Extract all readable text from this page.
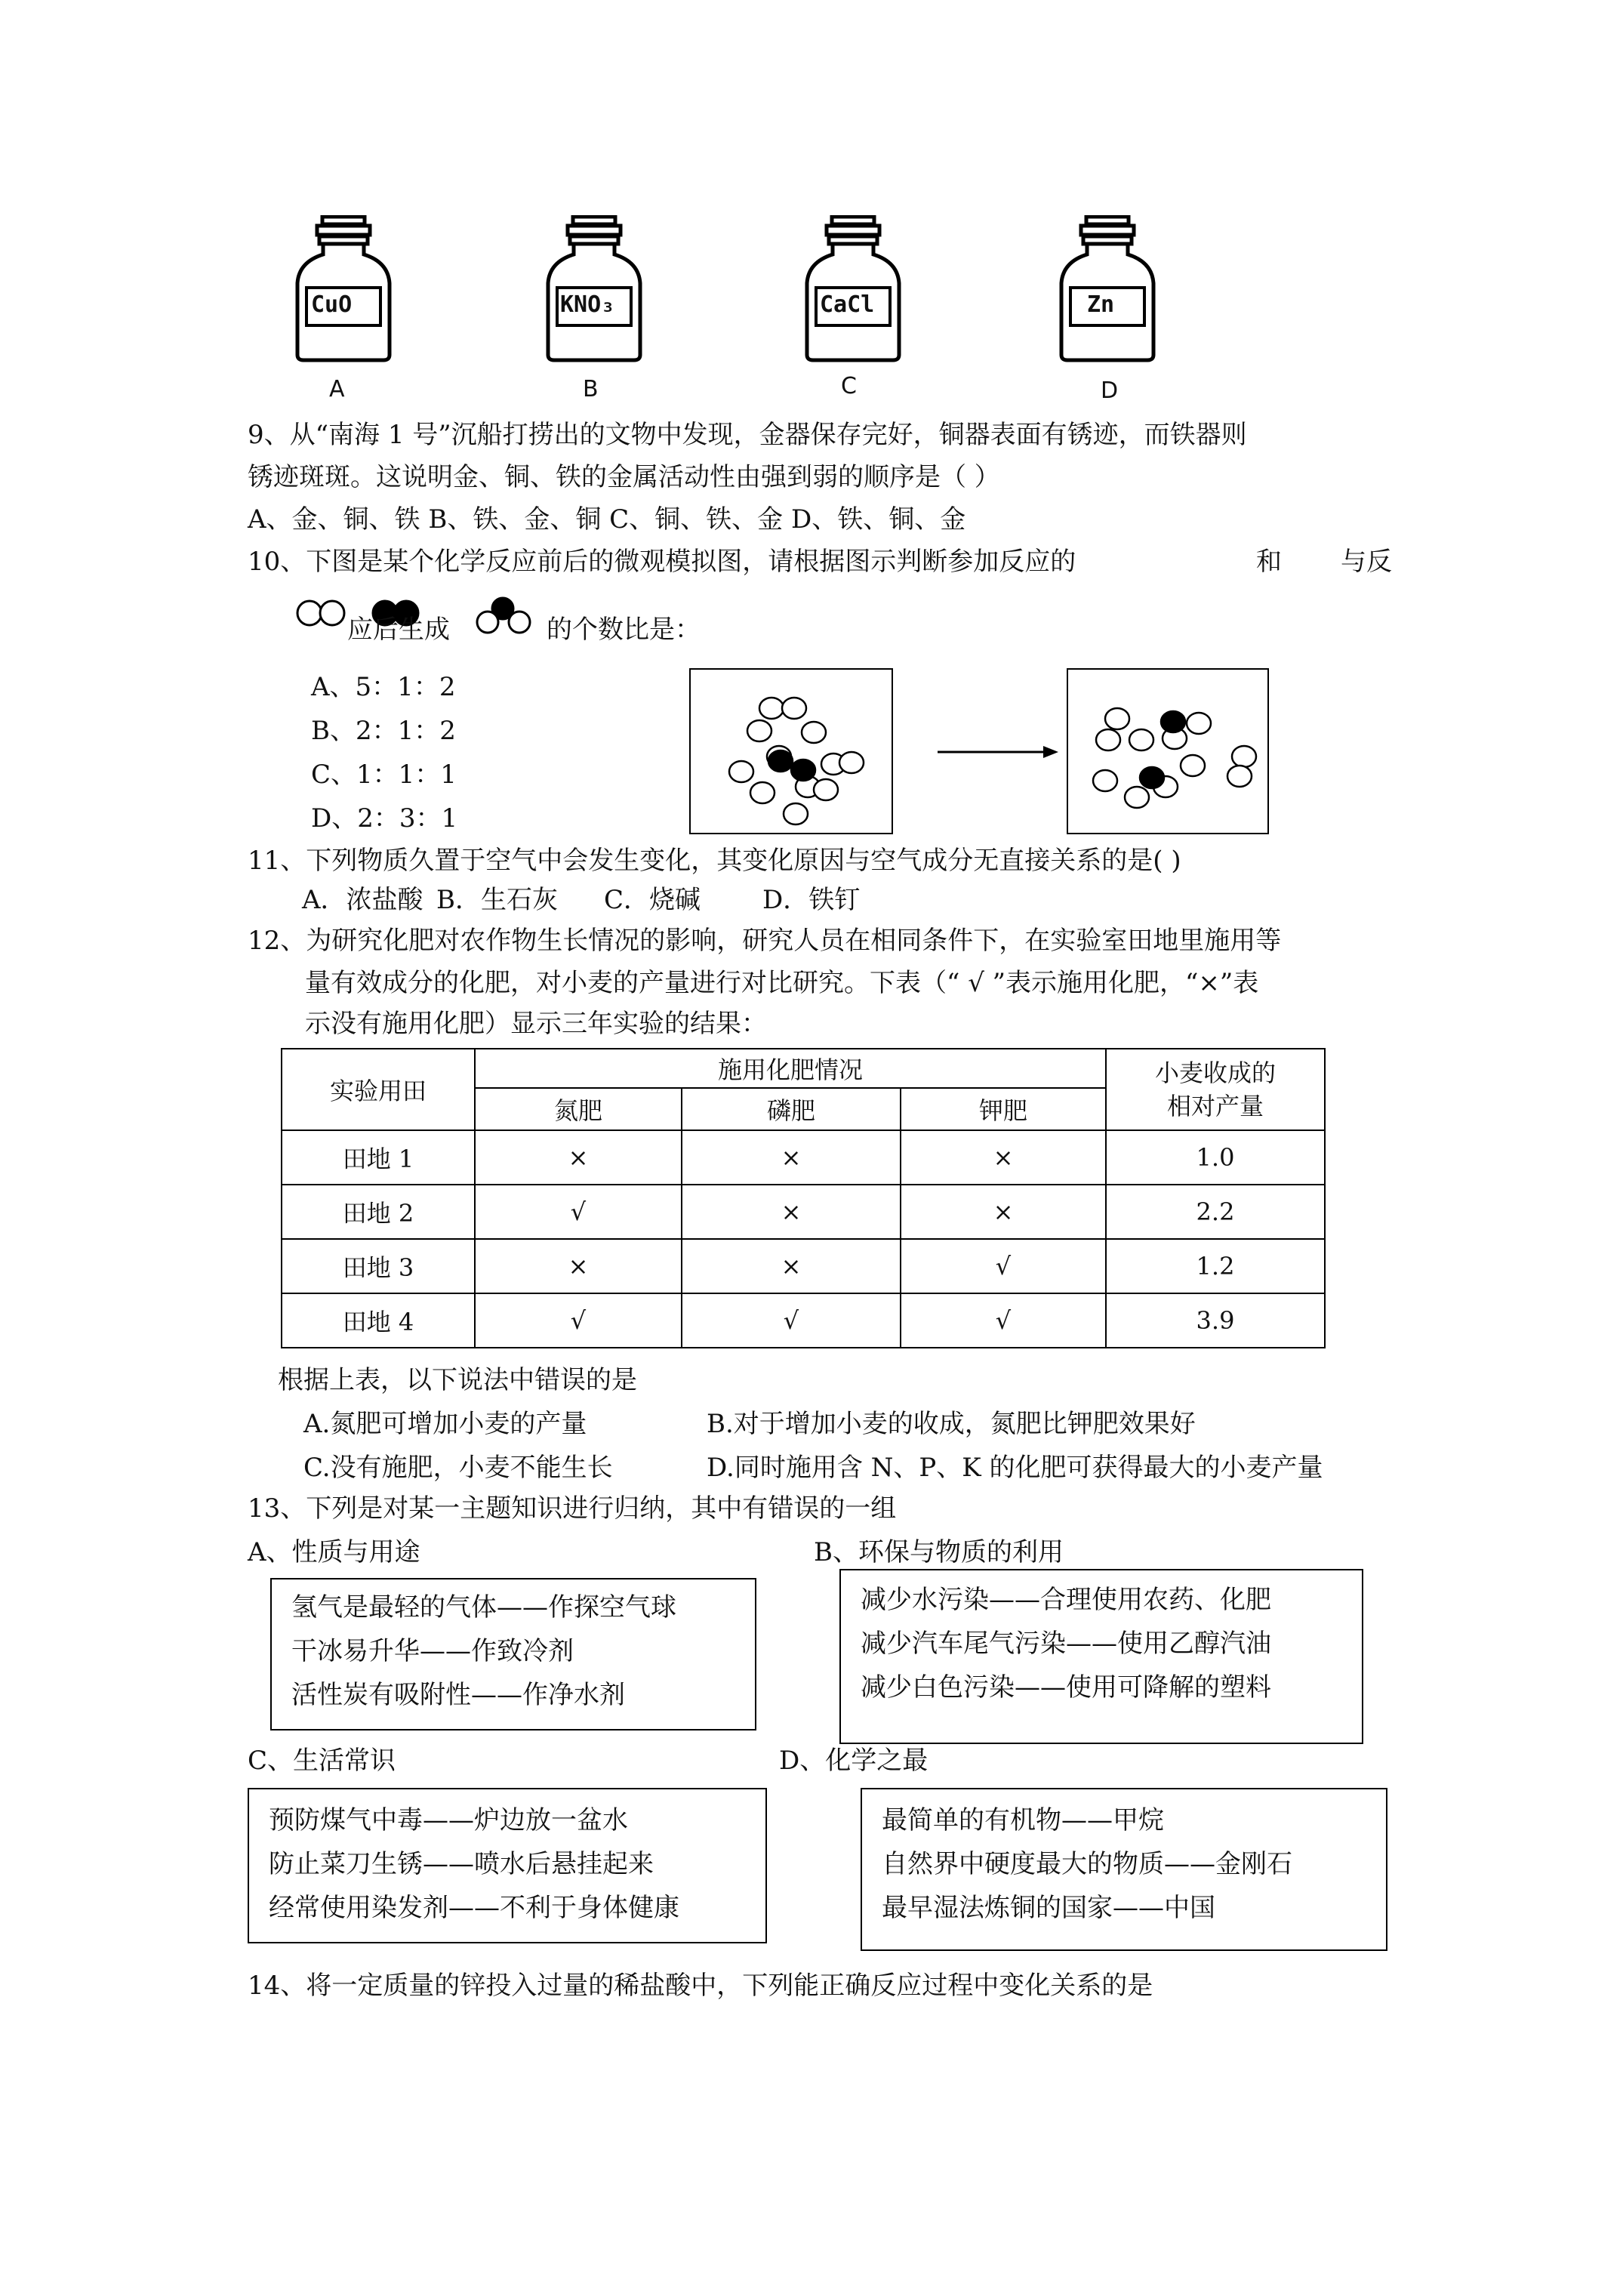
CuO
A
KNO₃
B
CaCl
C
Zn
D
9、从“南海 1 号”沉船打捞出的文物中发现，金器保存完好，铜器表面有锈迹，而铁器则
锈迹斑斑。这说明金、铜、铁的金属活动性由强到弱的顺序是（ ）
A、金、铜、铁 B、铁、金、铜 C、铜、铁、金 D、铁、铜、金
10、下图是某个化学反应前后的微观模拟图，请根据图示判断参加反应的	和 与反
应后生成	的个数比是：
A、5：1：2
B、2：1：2
C、1：1：1
D、2：3：1
11、下列物质久置于空气中会发生变化，其变化原因与空气成分无直接关系的是( )
A．浓盐酸 B．生石灰 C．烧碱 D．铁钉
12、为研究化肥对农作物生长情况的影响，研究人员在相同条件下，在实验室田地里施用等
量有效成分的化肥，对小麦的产量进行对比研究。下表（“ √ ”表示施用化肥，“×”表
示没有施用化肥）显示三年实验的结果：
实验用田	施用化肥情况			小麦收成的
相对产量

	氮肥	磷肥	钾肥	
田地 1	×	×	×	1.0
田地 2	√	×	×	2.2
田地 3	×	×	√	1.2
田地 4	√	√	√	3.9
根据上表，以下说法中错误的是
A.氮肥可增加小麦的产量	B.对于增加小麦的收成，氮肥比钾肥效果好
C.没有施肥，小麦不能生长	D.同时施用含 N、P、K 的化肥可获得最大的小麦产量
13、下列是对某一主题知识进行归纳，其中有错误的一组
A、性质与用途
氢气是最轻的气体——作探空气球
干冰易升华——作致冷剂
活性炭有吸附性——作净水剂
B、环保与物质的利用
减少水污染——合理使用农药、化肥
减少汽车尾气污染——使用乙醇汽油
减少白色污染——使用可降解的塑料
C、生活常识
预防煤气中毒——炉边放一盆水
防止菜刀生锈——喷水后悬挂起来
经常使用染发剂——不利于身体健康
D、化学之最
最简单的有机物——甲烷
自然界中硬度最大的物质——金刚石
最早湿法炼铜的国家——中国
14、将一定质量的锌投入过量的稀盐酸中，下列能正确反应过程中变化关系的是
